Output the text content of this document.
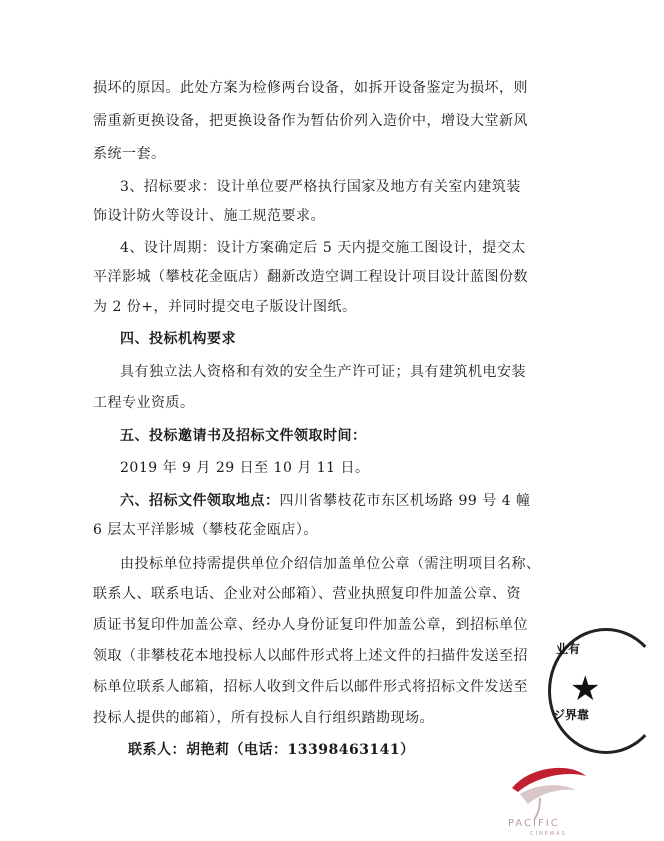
损坏的原因。此处方案为检修两台设备，如拆开设备鉴定为损坏，则
需重新更换设备，把更换设备作为暂估价列入造价中，增设大堂新风
系统一套。
3、招标要求：设计单位要严格执行国家及地方有关室内建筑装
饰设计防火等设计、施工规范要求。
4、设计周期：设计方案确定后 5 天内提交施工图设计，提交太
平洋影城（攀枝花金瓯店）翻新改造空调工程设计项目设计蓝图份数
为 2 份+，并同时提交电子版设计图纸。
四、投标机构要求
具有独立法人资格和有效的安全生产许可证；具有建筑机电安装
工程专业资质。
五、投标邀请书及招标文件领取时间：
2019 年 9 月 29 日至 10 月 11 日。
六、招标文件领取地点：四川省攀枝花市东区机场路 99 号 4 幢
6 层太平洋影城（攀枝花金瓯店）。
由投标单位持需提供单位介绍信加盖单位公章（需注明项目名称、
联系人、联系电话、企业对公邮箱）、营业执照复印件加盖公章、资
质证书复印件加盖公章、经办人身份证复印件加盖公章，到招标单位
领取（非攀枝花本地投标人以邮件形式将上述文件的扫描件发送至招
标单位联系人邮箱，招标人收到文件后以邮件形式将招标文件发送至
投标人提供的邮箱），所有投标人自行组织踏勘现场。
联系人：胡艳莉（电话：13398463141）
业有
★
ジ界靠
PACIFIC
CINEMAS
